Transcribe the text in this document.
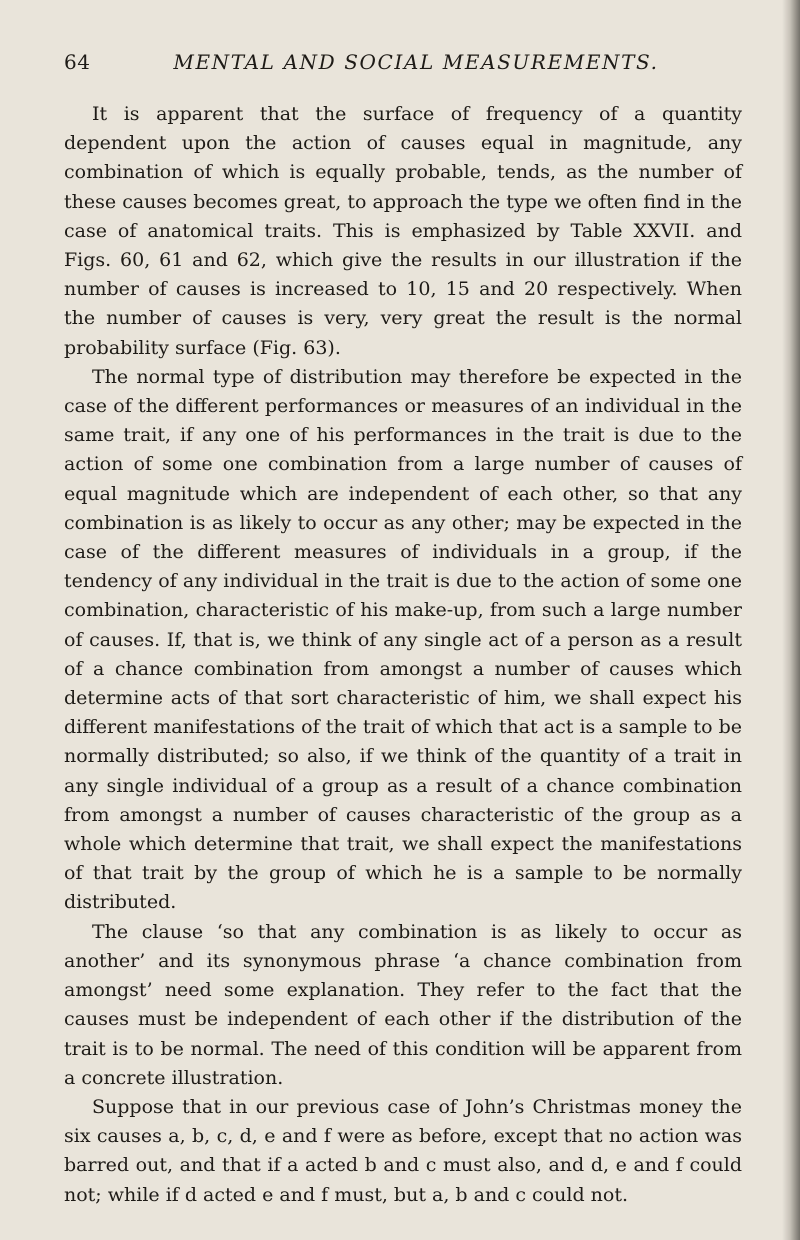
64	MENTAL AND SOCIAL MEASUREMENTS.

It is apparent that the surface of frequency of a quantity dependent upon the action of causes equal in magnitude, any combination of which is equally probable, tends, as the number of these causes becomes great, to approach the type we often find in the case of anatomical traits. This is emphasized by Table XXVII. and Figs. 60, 61 and 62, which give the results in our illustration if the number of causes is increased to 10, 15 and 20 respectively. When the number of causes is very, very great the result is the normal probability surface (Fig. 63).

The normal type of distribution may therefore be expected in the case of the different performances or measures of an individual in the same trait, if any one of his performances in the trait is due to the action of some one combination from a large number of causes of equal magnitude which are independent of each other, so that any combination is as likely to occur as any other; may be expected in the case of the different measures of individuals in a group, if the tendency of any individual in the trait is due to the action of some one combination, characteristic of his make-up, from such a large number of causes. If, that is, we think of any single act of a person as a result of a chance combination from amongst a number of causes which determine acts of that sort characteristic of him, we shall expect his different manifestations of the trait of which that act is a sample to be normally distributed; so also, if we think of the quantity of a trait in any single individual of a group as a result of a chance combination from amongst a number of causes characteristic of the group as a whole which determine that trait, we shall expect the manifestations of that trait by the group of which he is a sample to be normally distributed.

The clause ‘so that any combination is as likely to occur as another’ and its synonymous phrase ‘a chance combination from amongst’ need some explanation. They refer to the fact that the causes must be independent of each other if the distribution of the trait is to be normal. The need of this condition will be apparent from a concrete illustration.

Suppose that in our previous case of John’s Christmas money the six causes a, b, c, d, e and f were as before, except that no action was barred out, and that if a acted b and c must also, and d, e and f could not; while if d acted e and f must, but a, b and c could not.
